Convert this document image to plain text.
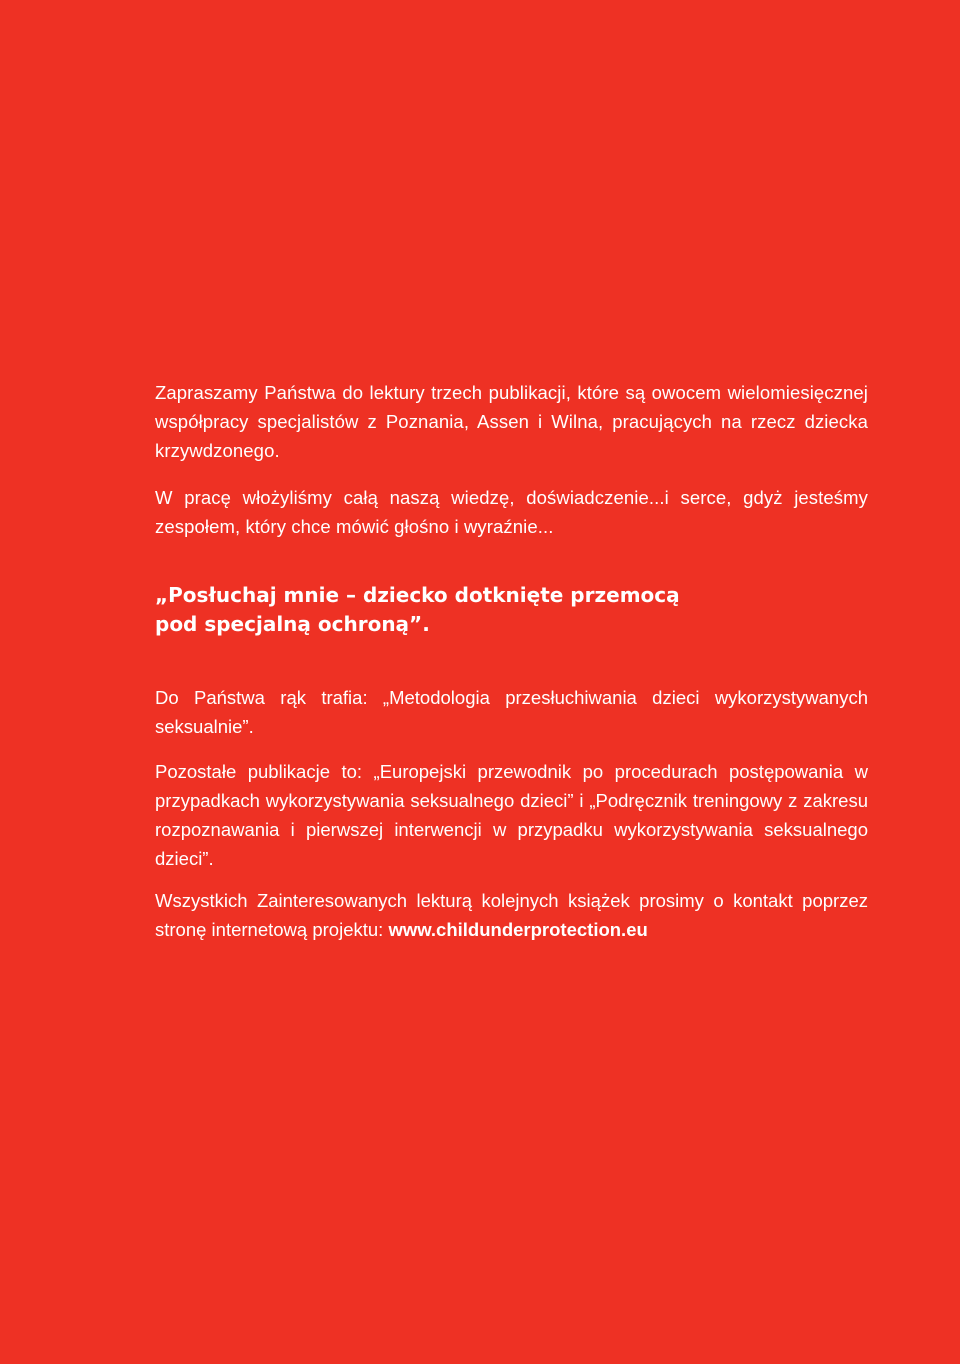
Zapraszamy Państwa do lektury trzech publikacji, które są owocem wielomiesięcznej współpracy specjalistów z Poznania, Assen i Wilna, pracujących na rzecz dziecka krzywdzonego.

W pracę włożyliśmy całą naszą wiedzę, doświadczenie...i serce, gdyż jesteśmy zespołem, który chce mówić głośno i wyraźnie...

„Posłuchaj mnie – dziecko dotknięte przemocą

pod specjalną ochroną”.

Do Państwa rąk trafia: „Metodologia przesłuchiwania dzieci wykorzystywanych seksualnie”.

Pozostałe publikacje to: „Europejski przewodnik po procedurach postępowania w przypadkach wykorzystywania seksualnego dzieci” i „Podręcznik treningowy z zakresu rozpoznawania i pierwszej interwencji w przypadku wykorzystywania seksualnego dzieci”.

Wszystkich Zainteresowanych lekturą kolejnych książek prosimy o kontakt poprzez stronę internetową projektu: www.childunderprotection.eu
